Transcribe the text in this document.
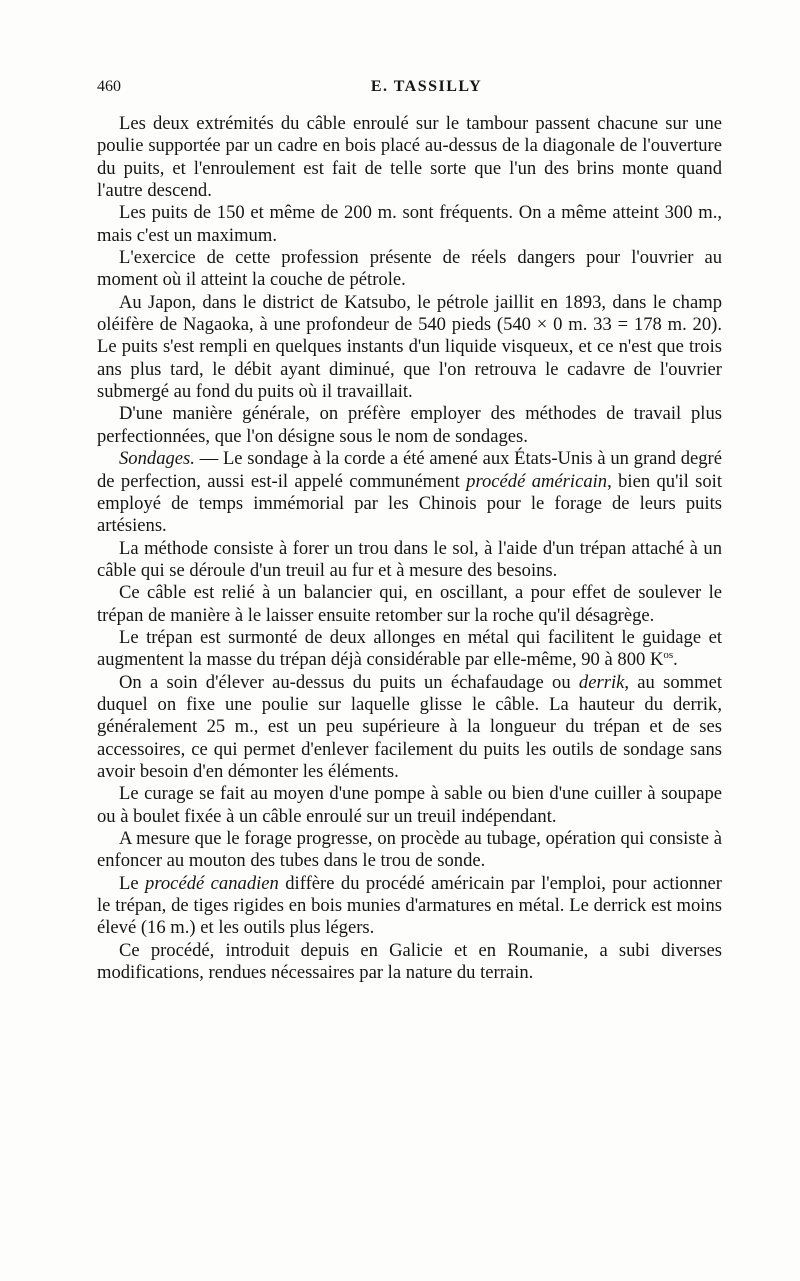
460	E. TASSILLY

Les deux extrémités du câble enroulé sur le tambour passent chacune sur une poulie supportée par un cadre en bois placé au-dessus de la diagonale de l'ouverture du puits, et l'enroulement est fait de telle sorte que l'un des brins monte quand l'autre descend.

Les puits de 150 et même de 200 m. sont fréquents. On a même atteint 300 m., mais c'est un maximum.

L'exercice de cette profession présente de réels dangers pour l'ouvrier au moment où il atteint la couche de pétrole.

Au Japon, dans le district de Katsubo, le pétrole jaillit en 1893, dans le champ oléifère de Nagaoka, à une profondeur de 540 pieds (540 × 0 m. 33 = 178 m. 20). Le puits s'est rempli en quelques instants d'un liquide visqueux, et ce n'est que trois ans plus tard, le débit ayant diminué, que l'on retrouva le cadavre de l'ouvrier submergé au fond du puits où il travaillait.

D'une manière générale, on préfère employer des méthodes de travail plus perfectionnées, que l'on désigne sous le nom de sondages.

Sondages. — Le sondage à la corde a été amené aux États-Unis à un grand degré de perfection, aussi est-il appelé communément procédé américain, bien qu'il soit employé de temps immémorial par les Chinois pour le forage de leurs puits artésiens.

La méthode consiste à forer un trou dans le sol, à l'aide d'un trépan attaché à un câble qui se déroule d'un treuil au fur et à mesure des besoins.

Ce câble est relié à un balancier qui, en oscillant, a pour effet de soulever le trépan de manière à le laisser ensuite retomber sur la roche qu'il désagrège.

Le trépan est surmonté de deux allonges en métal qui facilitent le guidage et augmentent la masse du trépan déjà considérable par elle-même, 90 à 800 $K^{os}$.

On a soin d'élever au-dessus du puits un échafaudage ou derrik, au sommet duquel on fixe une poulie sur laquelle glisse le câble. La hauteur du derrik, généralement 25 m., est un peu supérieure à la longueur du trépan et de ses accessoires, ce qui permet d'enlever facilement du puits les outils de sondage sans avoir besoin d'en démonter les éléments.

Le curage se fait au moyen d'une pompe à sable ou bien d'une cuiller à soupape ou à boulet fixée à un câble enroulé sur un treuil indépendant.

A mesure que le forage progresse, on procède au tubage, opération qui consiste à enfoncer au mouton des tubes dans le trou de sonde.

Le procédé canadien diffère du procédé américain par l'emploi, pour actionner le trépan, de tiges rigides en bois munies d'armatures en métal. Le derrick est moins élevé (16 m.) et les outils plus légers.

Ce procédé, introduit depuis en Galicie et en Roumanie, a subi diverses modifications, rendues nécessaires par la nature du terrain.
